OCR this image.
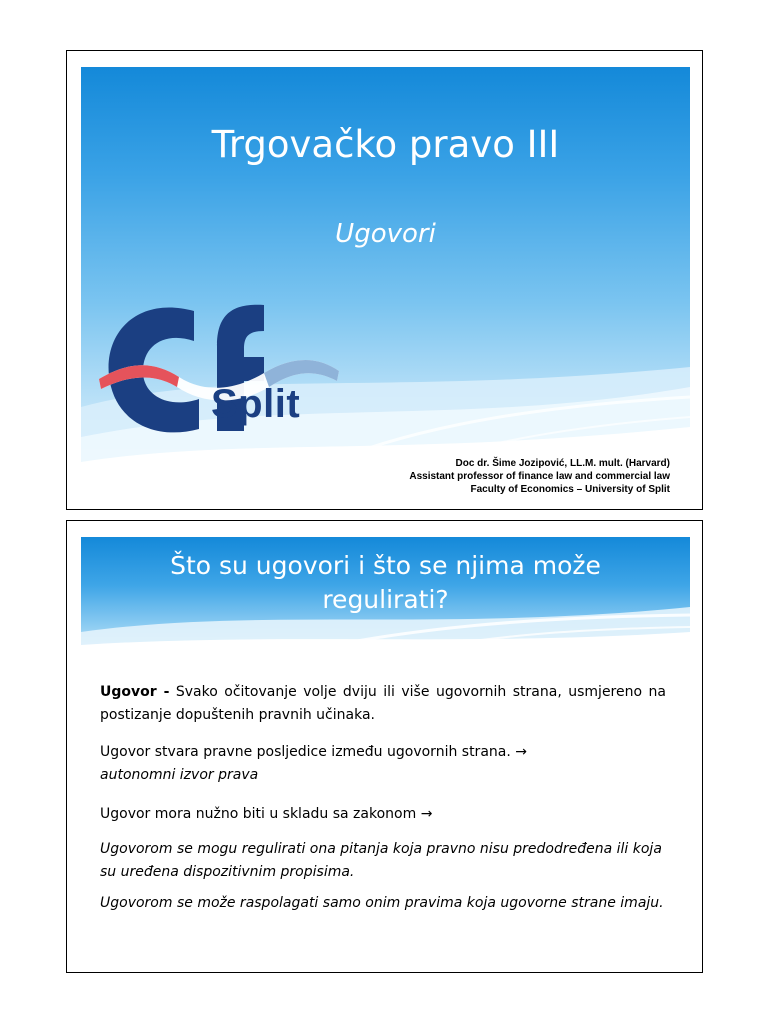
Trgovačko pravo III
Ugovori
Split
Doc dr. Šime Jozipović, LL.M. mult. (Harvard)
Assistant professor of finance law and commercial law
Faculty of Economics – University of Split
Što su ugovori i što se njima može
regulirati?

Ugovor - Svako očitovanje volje dviju ili više ugovornih strana, usmjereno na postizanje dopuštenih pravnih učinaka.

Ugovor stvara pravne posljedice između ugovornih strana. →
autonomni izvor prava

Ugovor mora nužno biti u skladu sa zakonom →

Ugovorom se mogu regulirati ona pitanja koja pravno nisu predodređena ili koja su uređena dispozitivnim propisima.

Ugovorom se može raspolagati samo onim pravima koja ugovorne strane imaju.
